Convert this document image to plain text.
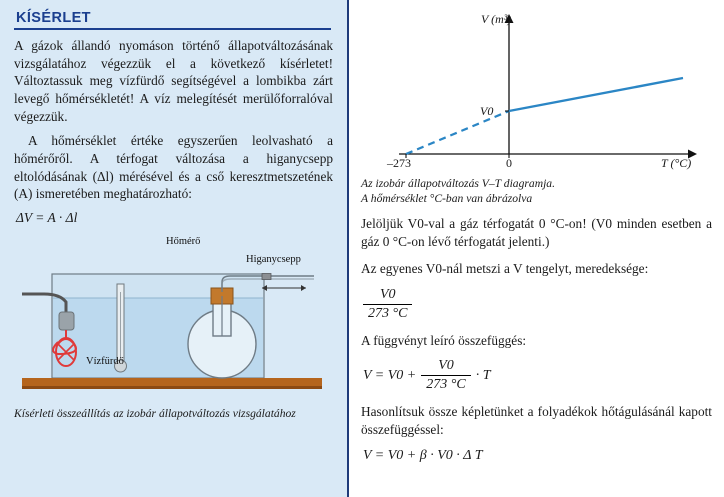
KÍSÉRLET

A gázok állandó nyomáson történő állapotváltozásának vizsgálatához végezzük el a következő kísérletet! Változtassuk meg vízfürdő segítségével a lombikba zárt levegő hőmérsékletét! A víz melegítését merülőforralóval végezzük.

A hőmérséklet értéke egyszerűen leolvasható a hőmérőről. A térfogat változása a higanycsepp eltolódásának (Δl) mérésével és a cső keresztmetszetének (A) ismeretében meghatározható:

ΔV = A · Δl
Hőmérő
Higanycsepp
Vízfürdő
Kísérleti összeállítás az izobár állapotváltozás vizsgálatához
V (m³)
T (°C)
V0
–273	0
Az izobár állapotváltozás V–T diagramja.
A hőmérséklet °C-ban van ábrázolva

Jelöljük V0-val a gáz térfogatát 0 °C-on! (V0 minden esetben a gáz 0 °C-on lévő térfogatát jelenti.)

Az egyenes V0-nál metszi a V tengelyt, meredeksége:

$\frac{V0}{273 ^\circ C}$

A függvényt leíró összefüggés:

$V = V0 + \frac{V0}{273 ^\circ C} \cdot T$

Hasonlítsuk össze képletünket a folyadékok hőtágulásánál kapott összefüggéssel:

V = V0 + β · V0 · Δ T
